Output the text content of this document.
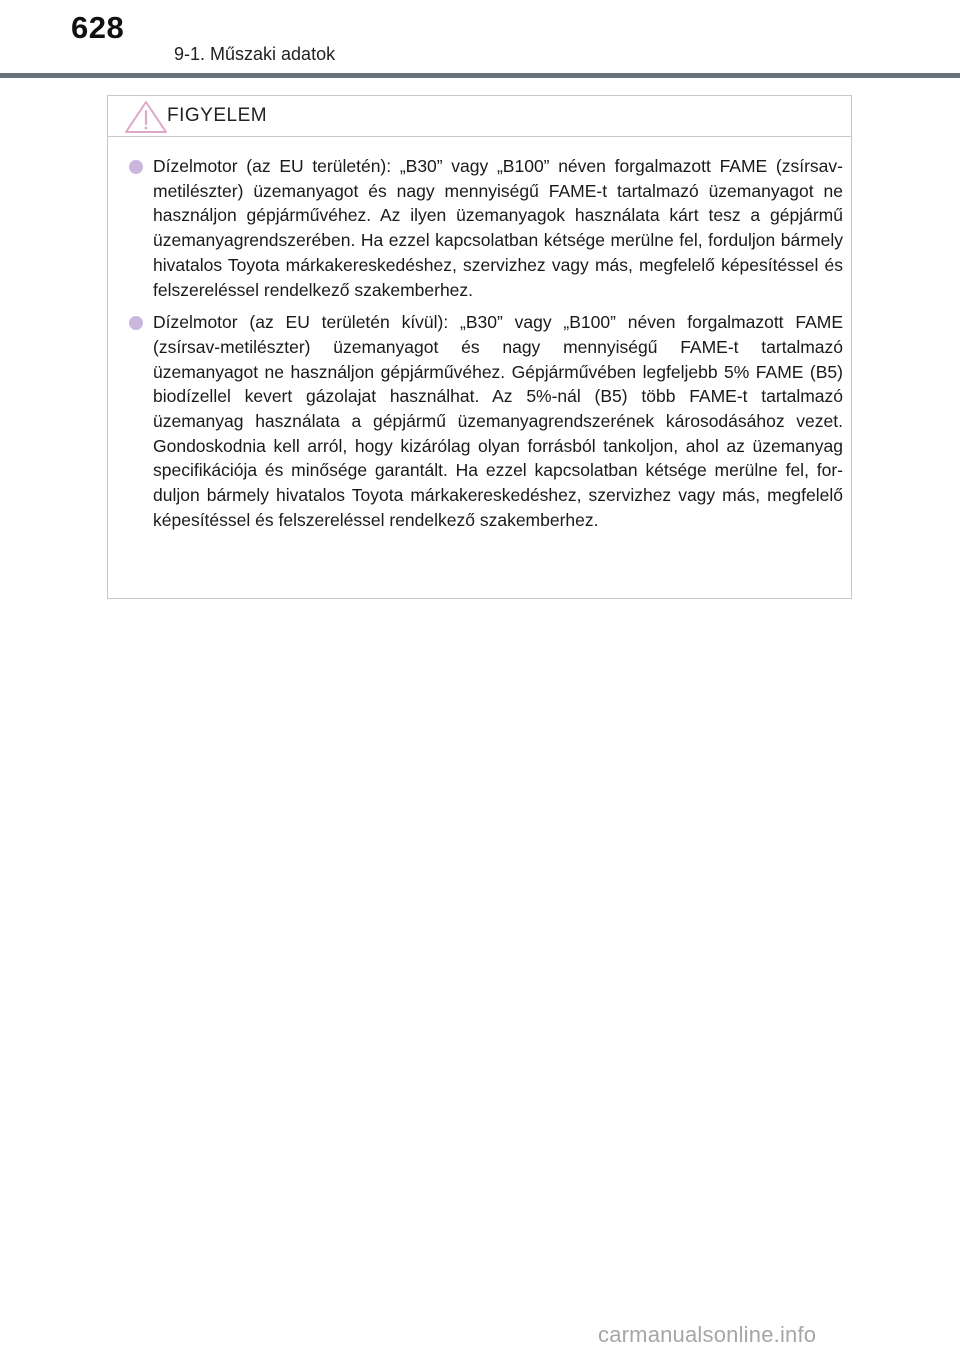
628
9-1. Műszaki adatok
FIGYELEM
Dízelmotor (az EU területén): „B30” vagy „B100” néven forgalmazott FAME (zsírsav-metilészter) üzemanyagot és nagy mennyiségű FAME-t tartalmazó üzemanyagot ne használjon gépjárművéhez. Az ilyen üzemanyagok használata kárt tesz a gépjármű üzemanyagrendszerében. Ha ezzel kapcsolatban kétsége merülne fel, forduljon bármely hivatalos Toyota márkakereskedéshez, szervizhez vagy más, megfelelő képesítéssel és felszereléssel rendelkező szakemberhez.
Dízelmotor (az EU területén kívül): „B30” vagy „B100” néven forgalmazott FAME (zsírsav-metilészter) üzemanyagot és nagy mennyiségű FAME-t tartalmazó üzemanyagot ne használjon gépjárművéhez. Gépjárművében legfeljebb 5% FAME (B5) biodízellel kevert gázolajat használhat. Az 5%-nál (B5) több FAME-t tartalmazó üzemanyag használata a gépjármű üzemanyagrendszerének károsodásához vezet. Gondoskodnia kell arról, hogy kizárólag olyan forrásból tankoljon, ahol az üzemanyag specifikációja és minősége garantált. Ha ezzel kapcsolatban kétsége merülne fel, forduljon bármely hivatalos Toyota márkakereskedéshez, szervizhez vagy más, megfelelő képesítéssel és felszereléssel rendelkező szakemberhez.
carmanualsonline.info
